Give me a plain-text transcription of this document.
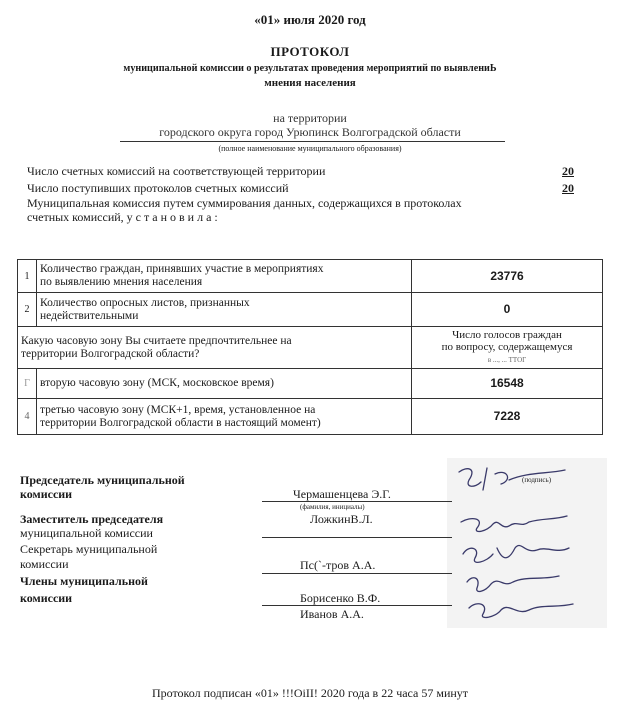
«01» июля 2020 год
ПРОТОКОЛ
муниципальной комиссии о результатах проведения мероприятий по выявлениЬ
мнения населения
на территории
городского округа город Урюпинск Волгоградской области
(полное наименование муниципального образования)
Число счетных комиссий на соответствующей территории	20
Число поступивших протоколов счетных комиссий	20
Муниципальная комиссия путем суммирования данных, содержащихся в протоколах
счетных комиссий, у с т а н о в и л а :
1	Количество граждан, принявших участие в мероприятиях
по выявлению мнения населения	23776
2	Количество опросных листов, признанных
недействительными	0
Какую часовую зону Вы считаете предпочтительнее на
территории Волгоградской области?		Число голосов граждан
по вопросу, содержащемуся
в ..., ... ТТОГ
Г	вторую часовую зону (МСК, московское время)	16548
4	третью часовую зону (МСК+1, время, установленное на
территории Волгоградской области в настоящий момент)	7228
(подпись)
Председатель муниципальной
комиссии	Чермашенцева Э.Г.
(фамилия, инициалы)
Заместитель председателя
муниципальной комиссии
ЛожкинВ.Л.
Секретарь муниципальной
комиссии	Пс(`-тров А.А.
Члены муниципальной
комиссии	Борисенко В.Ф.
Иванов А.А.
Протокол подписан «01» !!!ОiII! 2020 года в 22 часа 57 минут
